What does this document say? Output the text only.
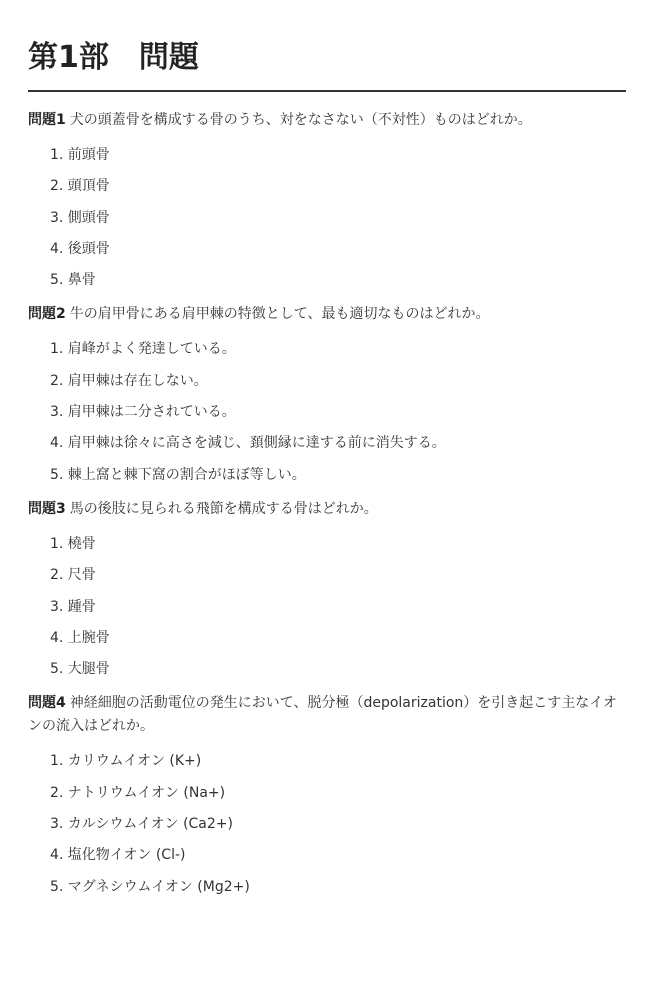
第1部　問題

問題1 犬の頭蓋骨を構成する骨のうち、対をなさない（不対性）ものはどれか。

1. 前頭骨
2. 頭頂骨
3. 側頭骨
4. 後頭骨
5. 鼻骨

問題2 牛の肩甲骨にある肩甲棘の特徴として、最も適切なものはどれか。

1. 肩峰がよく発達している。
2. 肩甲棘は存在しない。
3. 肩甲棘は二分されている。
4. 肩甲棘は徐々に高さを減じ、頚側縁に達する前に消失する。
5. 棘上窩と棘下窩の割合がほぼ等しい。

問題3 馬の後肢に見られる飛節を構成する骨はどれか。

1. 橈骨
2. 尺骨
3. 踵骨
4. 上腕骨
5. 大腿骨

問題4 神経細胞の活動電位の発生において、脱分極（depolarization）を引き起こす主なイオンの流入はどれか。

1. カリウムイオン (K+)
2. ナトリウムイオン (Na+)
3. カルシウムイオン (Ca2+)
4. 塩化物イオン (Cl-)
5. マグネシウムイオン (Mg2+)
